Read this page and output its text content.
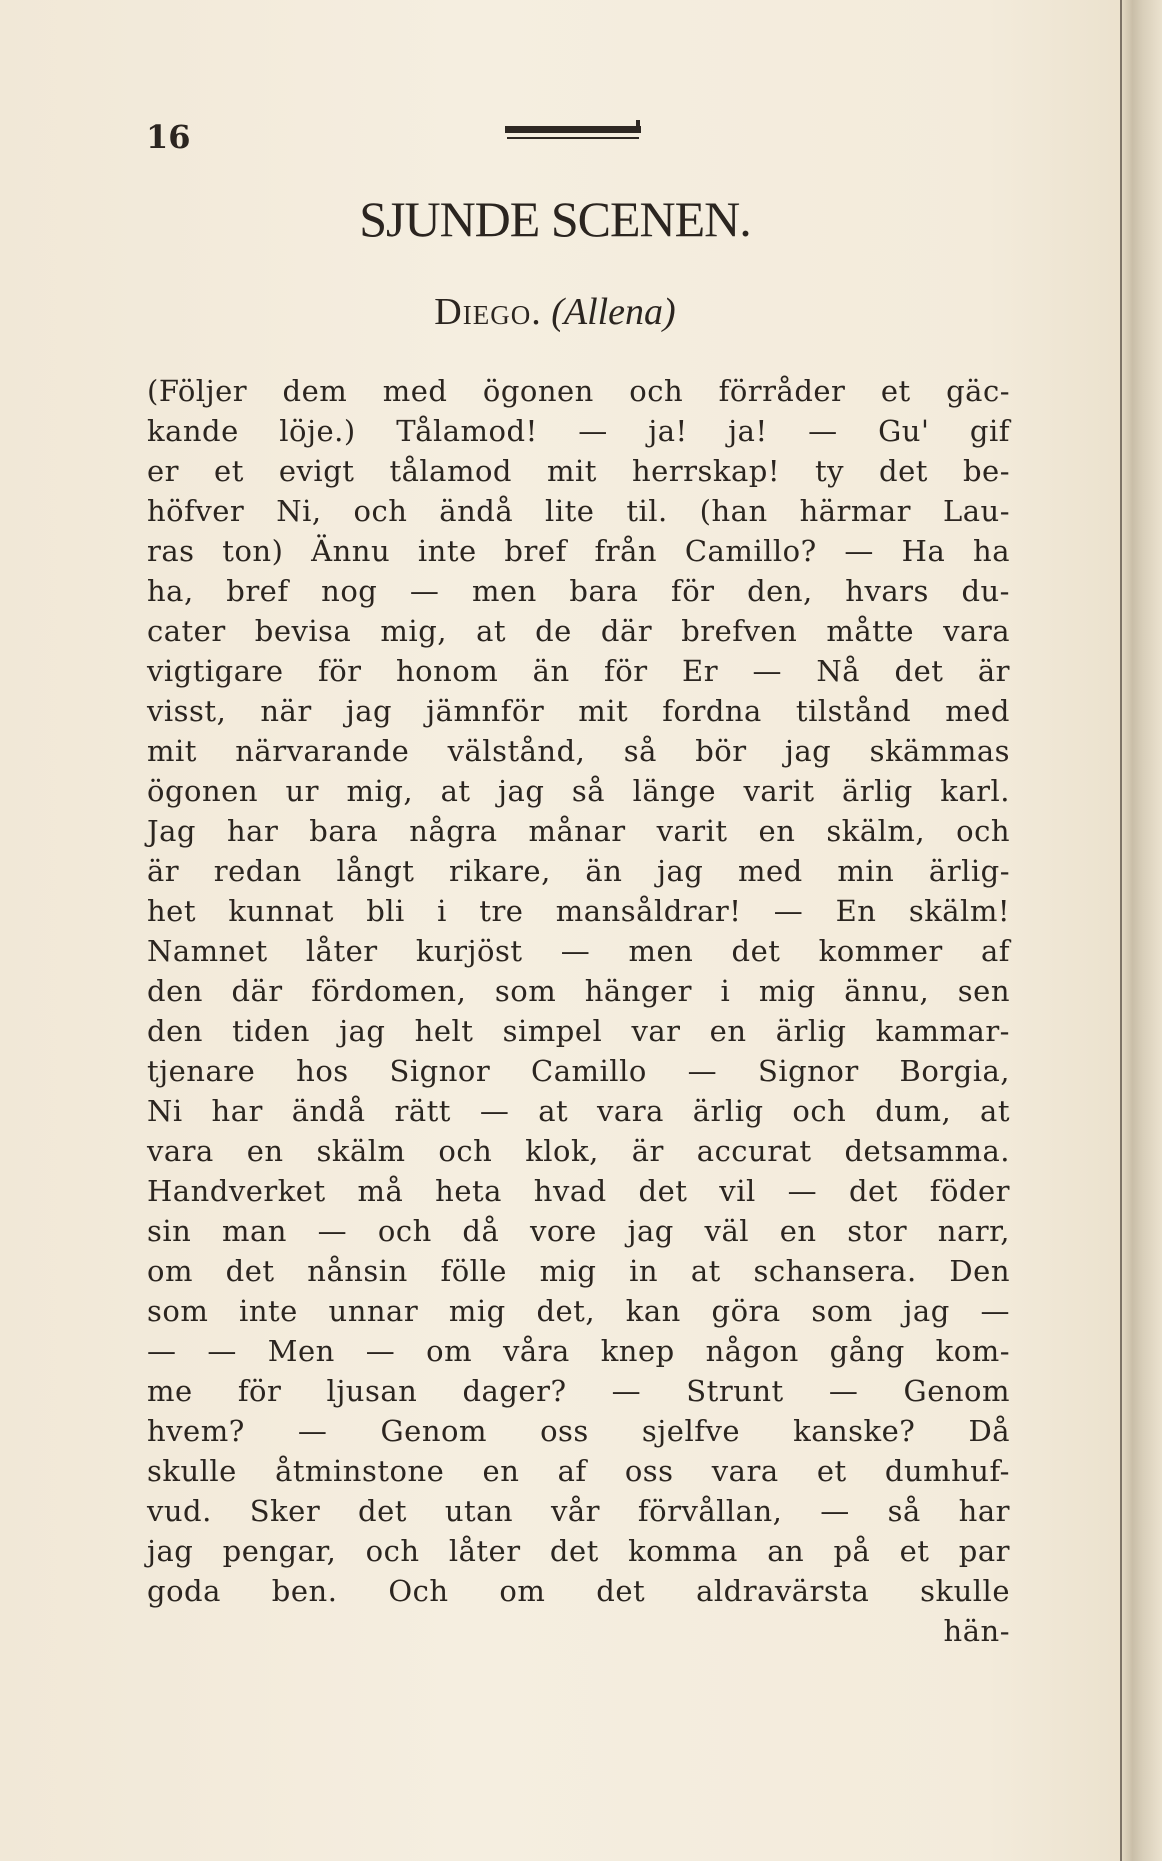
16
SJUNDE SCENEN.
Diego. (Allena)
(Följer dem med ögonen och förråder et gäc-
kande löje.) Tålamod! — ja! ja! — Gu' gif
er et evigt tålamod mit herrskap! ty det be-
höfver Ni, och ändå lite til. (han härmar Lau-
ras ton) Ännu inte bref från Camillo? — Ha ha
ha, bref nog — men bara för den, hvars du-
cater bevisa mig, at de där brefven måtte vara
vigtigare för honom än för Er — Nå det är
visst, när jag jämnför mit fordna tilstånd med
mit närvarande välstånd, så bör jag skämmas
ögonen ur mig, at jag så länge varit ärlig karl.
Jag har bara några månar varit en skälm, och
är redan långt rikare, än jag med min ärlig-
het kunnat bli i tre mansåldrar! — En skälm!
Namnet låter kurjöst — men det kommer af
den där fördomen, som hänger i mig ännu, sen
den tiden jag helt simpel var en ärlig kammar-
tjenare hos Signor Camillo — Signor Borgia,
Ni har ändå rätt — at vara ärlig och dum, at
vara en skälm och klok, är accurat detsamma.
Handverket må heta hvad det vil — det föder
sin man — och då vore jag väl en stor narr,
om det nånsin fölle mig in at schansera. Den
som inte unnar mig det, kan göra som jag —
— — Men — om våra knep någon gång kom-
me för ljusan dager? — Strunt — Genom
hvem? — Genom oss sjelfve kanske? Då
skulle åtminstone en af oss vara et dumhuf-
vud. Sker det utan vår förvållan, — så har
jag pengar, och låter det komma an på et par
goda ben. Och om det aldravärsta skulle
hän-
